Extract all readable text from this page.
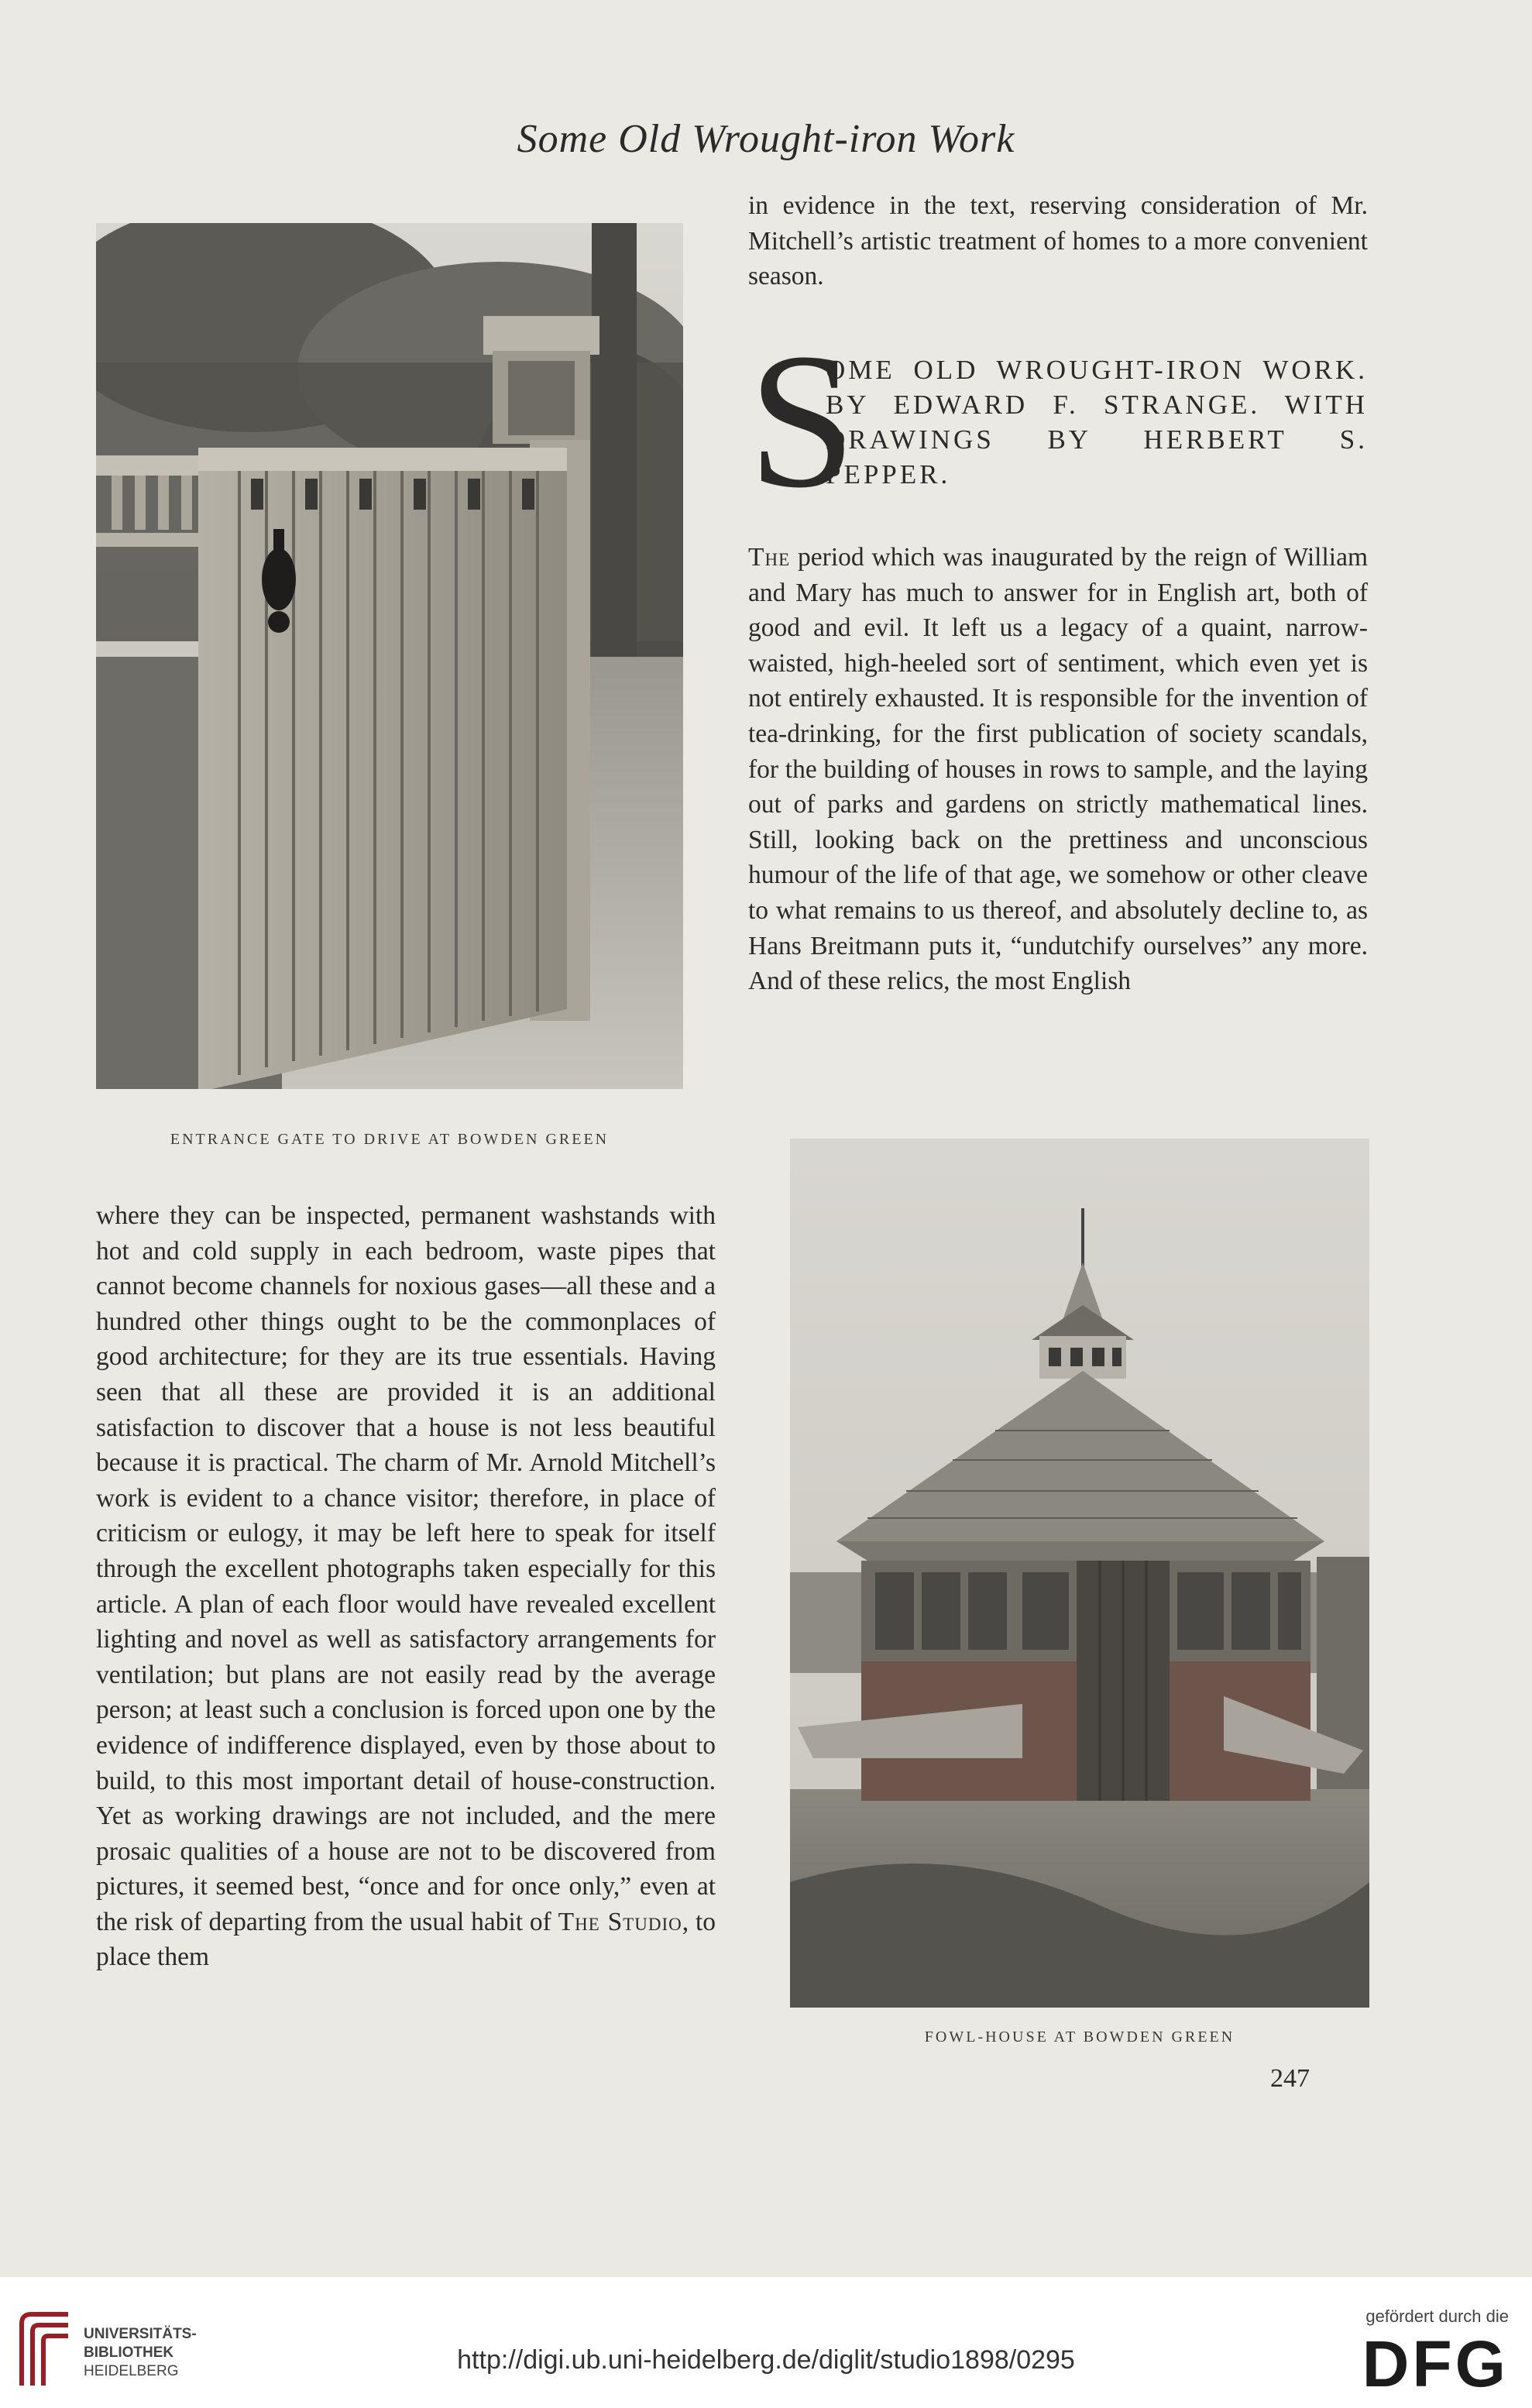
Some Old Wrought-iron Work

in evidence in the text, reserving consideration of Mr. Mitchell’s artistic treatment of homes to a more convenient season.

S
OME OLD WROUGHT-IRON WORK. BY EDWARD F. STRANGE. WITH DRAWINGS BY HERBERT S. PEPPER.

The period which was inaugurated by the reign of William and Mary has much to answer for in English art, both of good and evil. It left us a legacy of a quaint, narrow-waisted, high-heeled sort of sentiment, which even yet is not entirely exhausted. It is responsible for the invention of tea-drinking, for the first publication of society scandals, for the building of houses in rows to sample, and the laying out of parks and gardens on strictly mathematical lines. Still, looking back on the prettiness and unconscious humour of the life of that age, we somehow or other cleave to what remains to us thereof, and absolutely decline to, as Hans Breitmann puts it, “undutchify ourselves” any more. And of these relics, the most English

ENTRANCE GATE TO DRIVE AT BOWDEN GREEN

where they can be inspected, permanent washstands with hot and cold supply in each bedroom, waste pipes that cannot become channels for noxious gases—all these and a hundred other things ought to be the commonplaces of good architecture; for they are its true essentials. Having seen that all these are provided it is an additional satisfaction to discover that a house is not less beautiful because it is practical. The charm of Mr. Arnold Mitchell’s work is evident to a chance visitor; therefore, in place of criticism or eulogy, it may be left here to speak for itself through the excellent photographs taken especially for this article. A plan of each floor would have revealed excellent lighting and novel as well as satisfactory arrangements for ventilation; but plans are not easily read by the average person; at least such a conclusion is forced upon one by the evidence of indifference displayed, even by those about to build, to this most important detail of house-construction. Yet as working drawings are not included, and the mere prosaic qualities of a house are not to be discovered from pictures, it seemed best, “once and for once only,” even at the risk of departing from the usual habit of The Studio, to place them

FOWL-HOUSE AT BOWDEN GREEN
247
UNIVERSITÄTS-
BIBLIOTHEK
HEIDELBERG	http://digi.ub.uni-heidelberg.de/diglit/studio1898/0295
gefördert durch die
DFG
